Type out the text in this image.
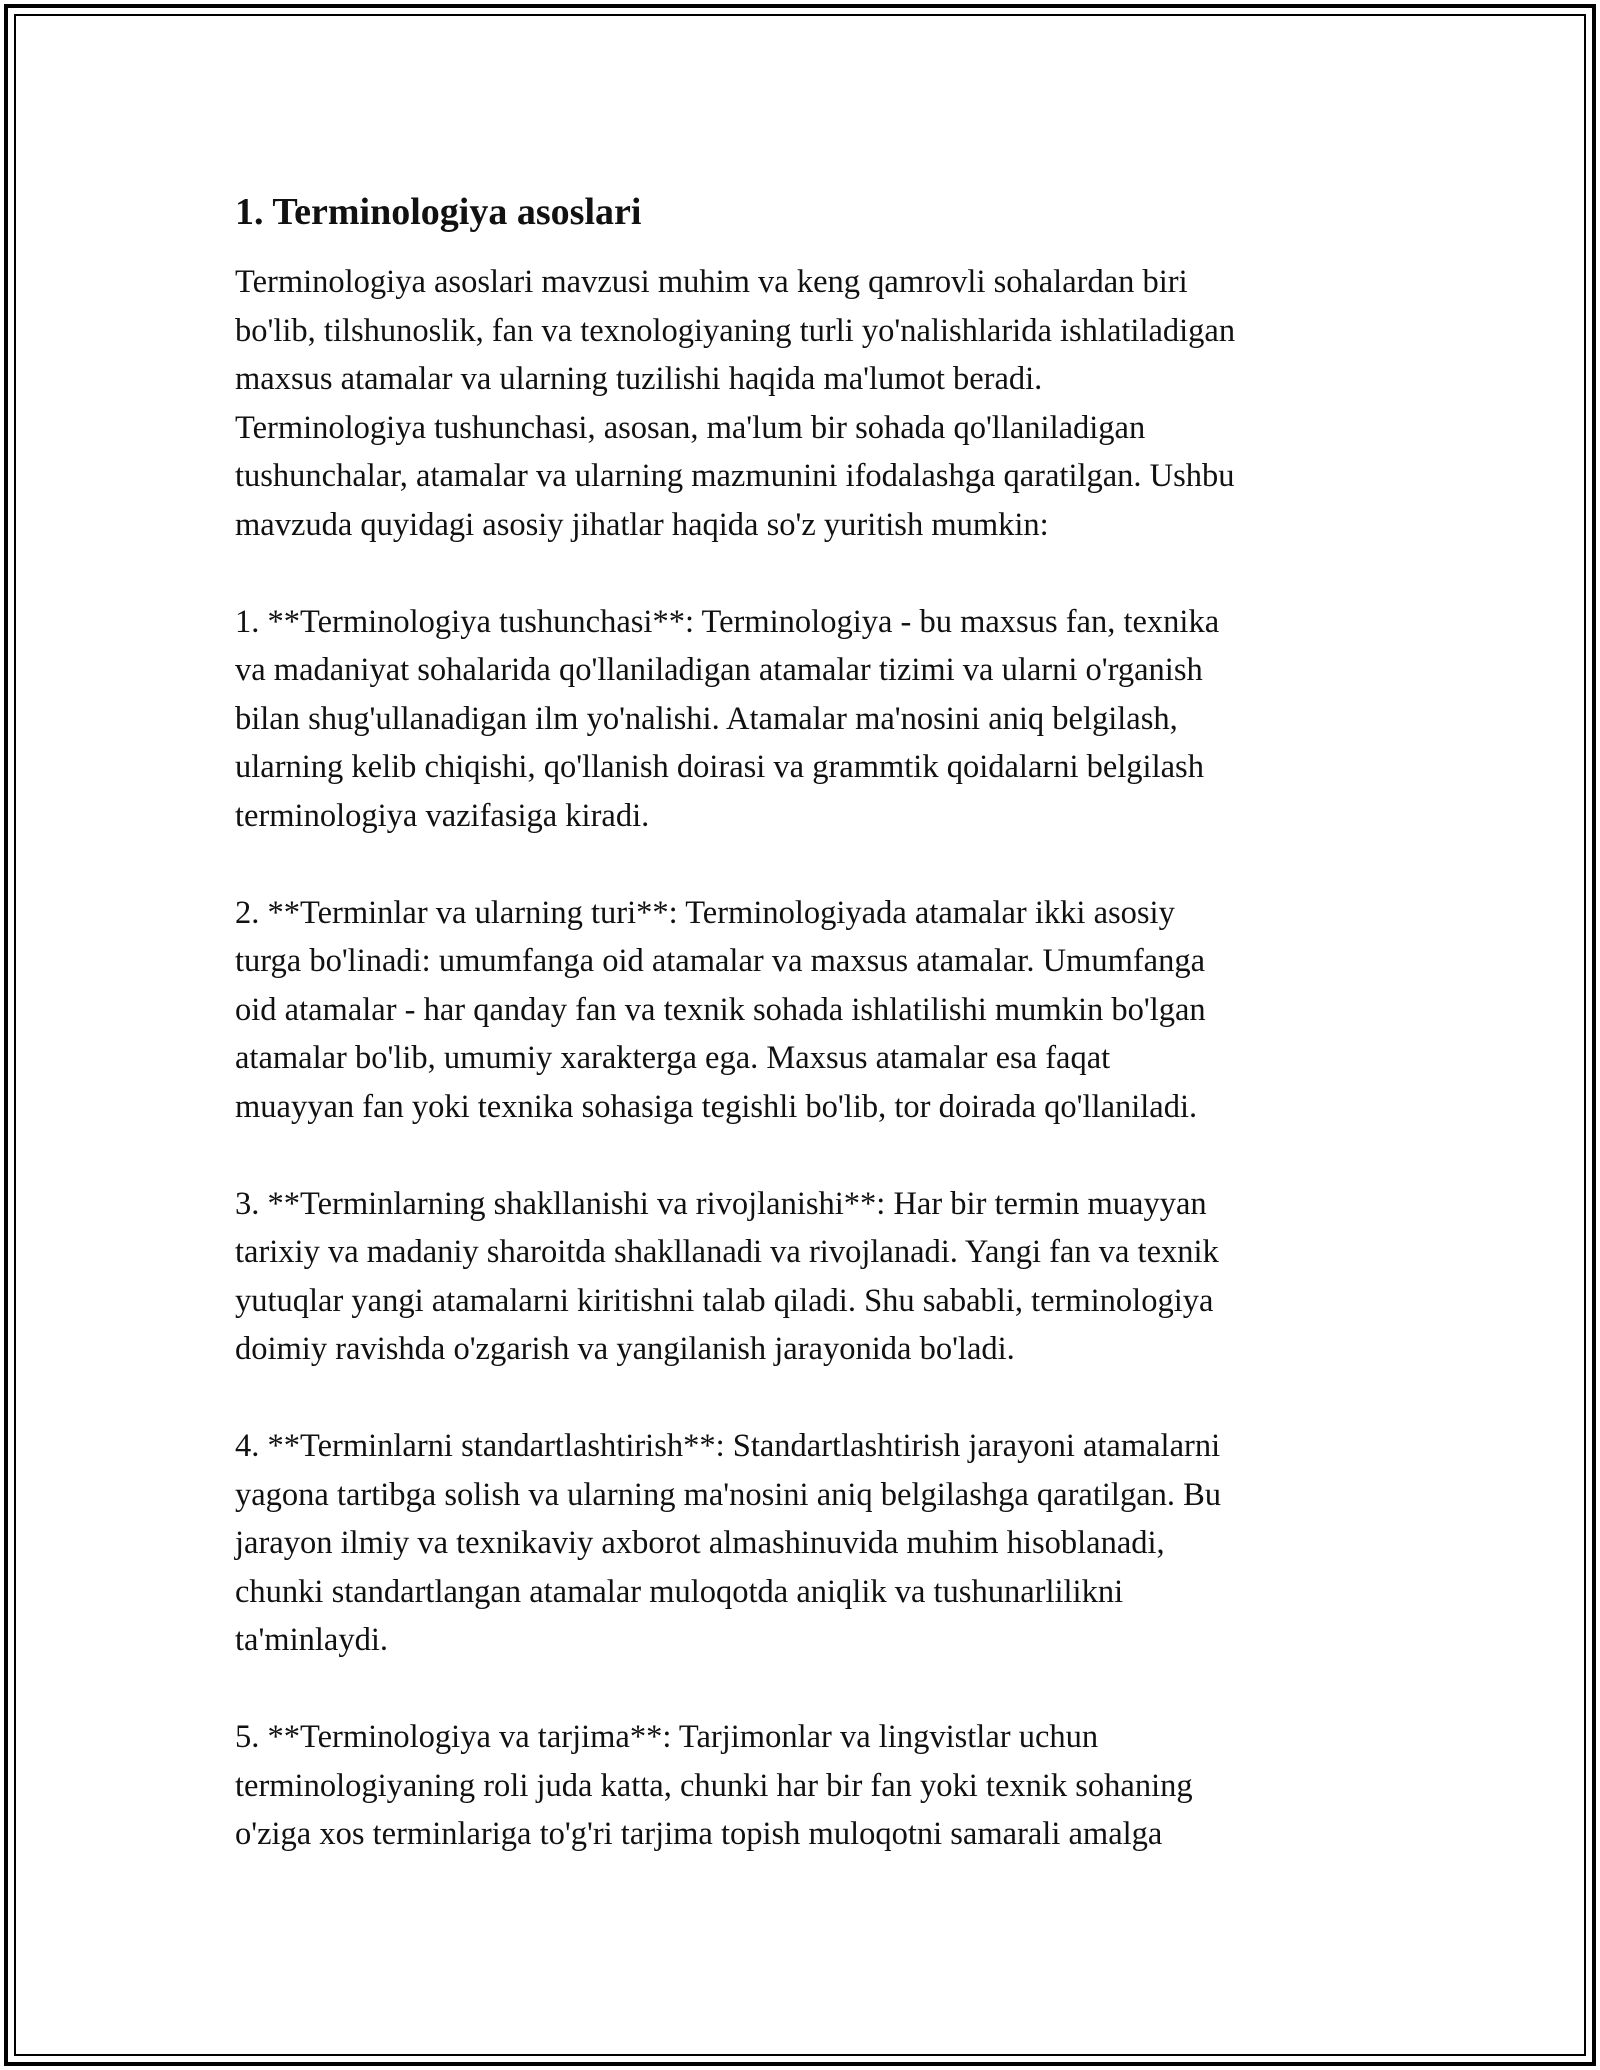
1. Terminologiya asoslari

Terminologiya asoslari mavzusi muhim va keng qamrovli sohalardan biri
bo'lib, tilshunoslik, fan va texnologiyaning turli yo'nalishlarida ishlatiladigan
maxsus atamalar va ularning tuzilishi haqida ma'lumot beradi.
Terminologiya tushunchasi, asosan, ma'lum bir sohada qo'llaniladigan
tushunchalar, atamalar va ularning mazmunini ifodalashga qaratilgan. Ushbu
mavzuda quyidagi asosiy jihatlar haqida so'z yuritish mumkin:

1. **Terminologiya tushunchasi**: Terminologiya - bu maxsus fan, texnika
va madaniyat sohalarida qo'llaniladigan atamalar tizimi va ularni o'rganish
bilan shug'ullanadigan ilm yo'nalishi. Atamalar ma'nosini aniq belgilash,
ularning kelib chiqishi, qo'llanish doirasi va grammtik qoidalarni belgilash
terminologiya vazifasiga kiradi.

2. **Terminlar va ularning turi**: Terminologiyada atamalar ikki asosiy
turga bo'linadi: umumfanga oid atamalar va maxsus atamalar. Umumfanga
oid atamalar - har qanday fan va texnik sohada ishlatilishi mumkin bo'lgan
atamalar bo'lib, umumiy xarakterga ega. Maxsus atamalar esa faqat
muayyan fan yoki texnika sohasiga tegishli bo'lib, tor doirada qo'llaniladi.

3. **Terminlarning shakllanishi va rivojlanishi**: Har bir termin muayyan
tarixiy va madaniy sharoitda shakllanadi va rivojlanadi. Yangi fan va texnik
yutuqlar yangi atamalarni kiritishni talab qiladi. Shu sababli, terminologiya
doimiy ravishda o'zgarish va yangilanish jarayonida bo'ladi.

4. **Terminlarni standartlashtirish**: Standartlashtirish jarayoni atamalarni
yagona tartibga solish va ularning ma'nosini aniq belgilashga qaratilgan. Bu
jarayon ilmiy va texnikaviy axborot almashinuvida muhim hisoblanadi,
chunki standartlangan atamalar muloqotda aniqlik va tushunarlilikni
ta'minlaydi.

5. **Terminologiya va tarjima**: Tarjimonlar va lingvistlar uchun
terminologiyaning roli juda katta, chunki har bir fan yoki texnik sohaning
o'ziga xos terminlariga to'g'ri tarjima topish muloqotni samarali amalga
